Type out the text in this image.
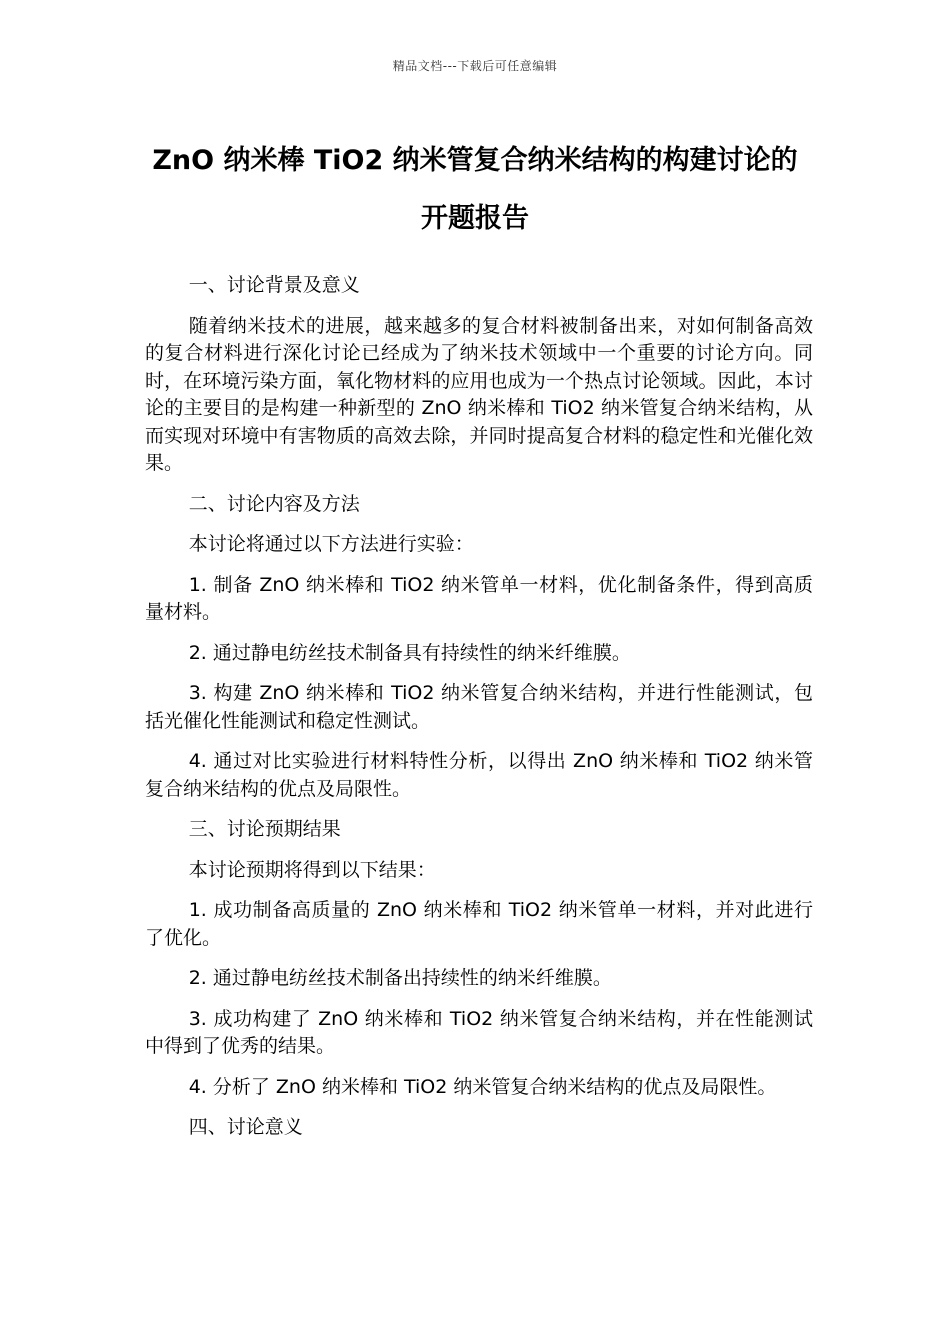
精品文档---下载后可任意编辑
ZnO 纳米棒 TiO2 纳米管复合纳米结构的构建讨论的
开题报告

一、讨论背景及意义

随着纳米技术的进展，越来越多的复合材料被制备出来，对如何制备高效的复合材料进行深化讨论已经成为了纳米技术领域中一个重要的讨论方向。同时，在环境污染方面，氧化物材料的应用也成为一个热点讨论领域。因此，本讨论的主要目的是构建一种新型的 ZnO 纳米棒和 TiO2 纳米管复合纳米结构，从而实现对环境中有害物质的高效去除，并同时提高复合材料的稳定性和光催化效果。

二、讨论内容及方法

本讨论将通过以下方法进行实验：

1. 制备 ZnO 纳米棒和 TiO2 纳米管单一材料，优化制备条件，得到高质量材料。

2. 通过静电纺丝技术制备具有持续性的纳米纤维膜。

3. 构建 ZnO 纳米棒和 TiO2 纳米管复合纳米结构，并进行性能测试，包括光催化性能测试和稳定性测试。

4. 通过对比实验进行材料特性分析，以得出 ZnO 纳米棒和 TiO2 纳米管复合纳米结构的优点及局限性。

三、讨论预期结果

本讨论预期将得到以下结果：

1. 成功制备高质量的 ZnO 纳米棒和 TiO2 纳米管单一材料，并对此进行了优化。

2. 通过静电纺丝技术制备出持续性的纳米纤维膜。

3. 成功构建了 ZnO 纳米棒和 TiO2 纳米管复合纳米结构，并在性能测试中得到了优秀的结果。

4. 分析了 ZnO 纳米棒和 TiO2 纳米管复合纳米结构的优点及局限性。

四、讨论意义
